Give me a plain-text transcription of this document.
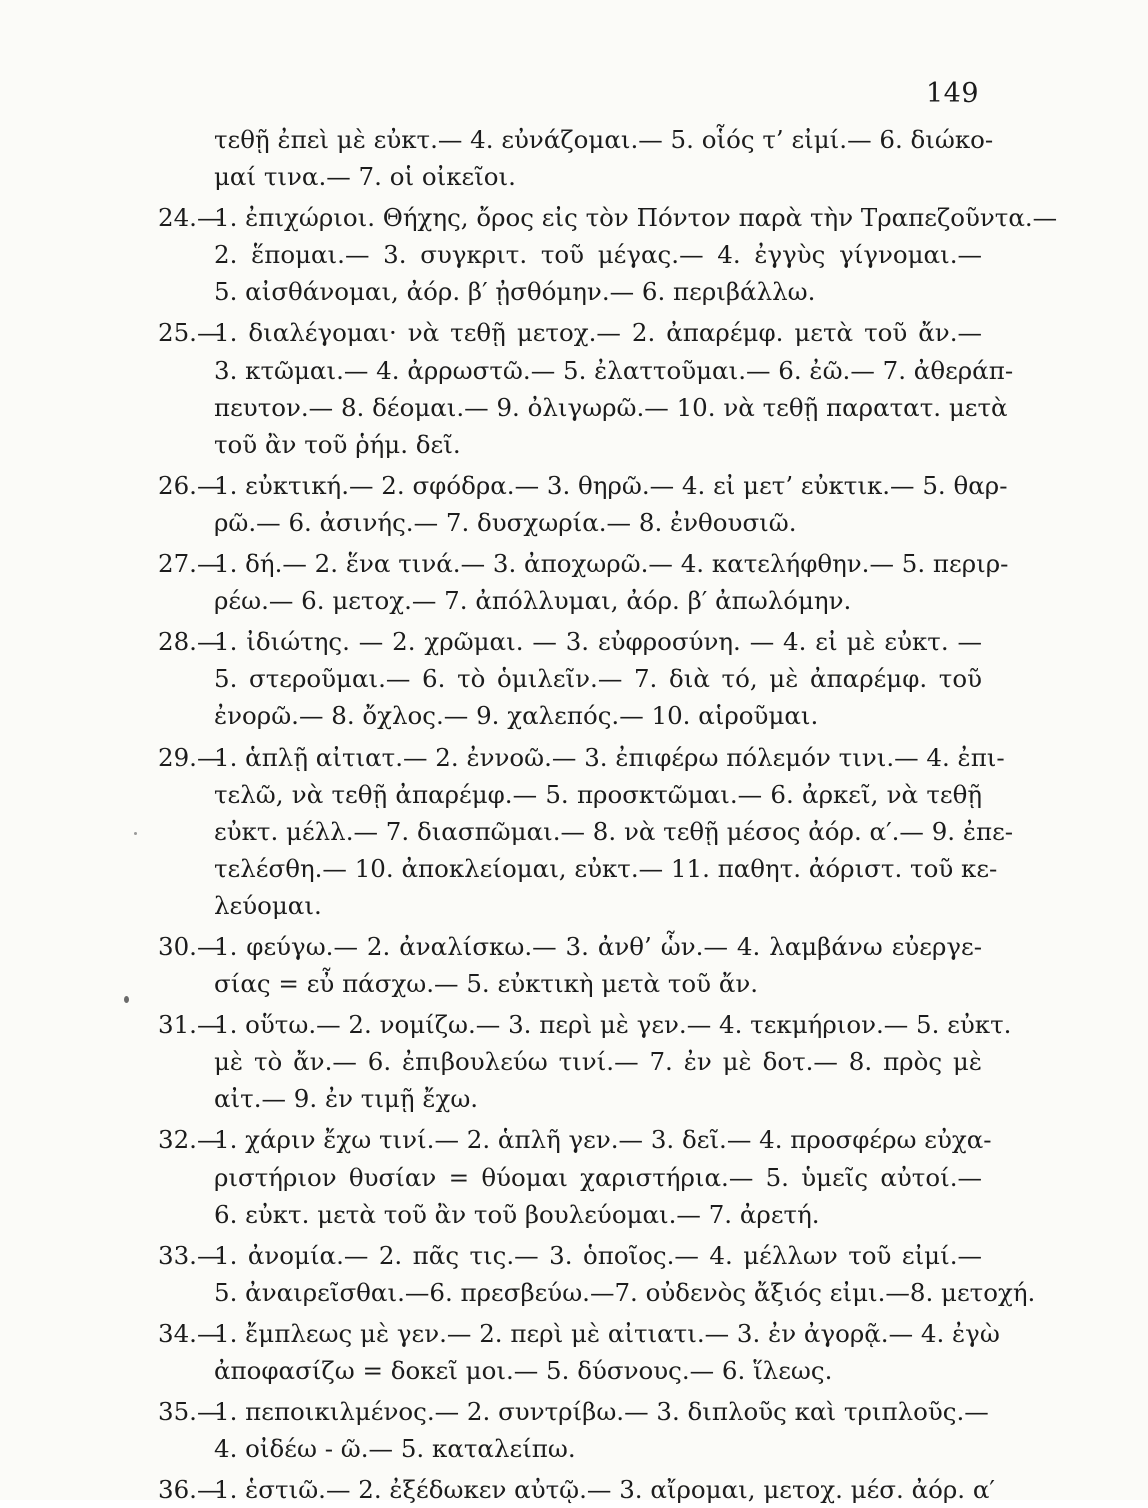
149
τεθῇ ἐπεὶ μὲ εὐκτ.— 4. εὐνάζομαι.— 5. οἷός τ’ εἰμί.— 6. διώκο-
μαί τινα.— 7. οἱ οἰκεῖοι.
24.—1. ἐπιχώριοι. Θήχης, ὄρος εἰς τὸν Πόντον παρὰ τὴν Τραπεζοῦντα.—
2. ἕπομαι.— 3. συγκριτ. τοῦ μέγας.— 4. ἐγγὺς γίγνομαι.—
5. αἰσθάνομαι, ἀόρ. β′ ᾐσθόμην.— 6. περιβάλλω.
25.—1. διαλέγομαι· νὰ τεθῇ μετοχ.— 2. ἀπαρέμφ. μετὰ τοῦ ἄν.—
3. κτῶμαι.— 4. ἀρρωστῶ.— 5. ἐλαττοῦμαι.— 6. ἐῶ.— 7. ἀθεράπ-
πευτον.— 8. δέομαι.— 9. ὀλιγωρῶ.— 10. νὰ τεθῇ παρατατ. μετὰ
τοῦ ἂν τοῦ ῥήμ. δεῖ.
26.—1. εὐκτική.— 2. σφόδρα.— 3. θηρῶ.— 4. εἰ μετ’ εὐκτικ.— 5. θαρ-
ρῶ.— 6. ἀσινής.— 7. δυσχωρία.— 8. ἐνθουσιῶ.
27.—1. δή.— 2. ἕνα τινά.— 3. ἀποχωρῶ.— 4. κατελήφθην.— 5. περιρ-
ρέω.— 6. μετοχ.— 7. ἀπόλλυμαι, ἀόρ. β′ ἀπωλόμην.
28.—1. ἰδιώτης. — 2. χρῶμαι. — 3. εὐφροσύνη. — 4. εἰ μὲ εὐκτ. —
5. στεροῦμαι.— 6. τὸ ὁμιλεῖν.— 7. διὰ τό, μὲ ἀπαρέμφ. τοῦ
ἐνορῶ.— 8. ὄχλος.— 9. χαλεπός.— 10. αἱροῦμαι.
29.—1. ἁπλῇ αἰτιατ.— 2. ἐννοῶ.— 3. ἐπιφέρω πόλεμόν τινι.— 4. ἐπι-
τελῶ, νὰ τεθῇ ἀπαρέμφ.— 5. προσκτῶμαι.— 6. ἀρκεῖ, νὰ τεθῇ
εὐκτ. μέλλ.— 7. διασπῶμαι.— 8. νὰ τεθῇ μέσος ἀόρ. α′.— 9. ἐπε-
τελέσθη.— 10. ἀποκλείομαι, εὐκτ.— 11. παθητ. ἀόριστ. τοῦ κε-
λεύομαι.
30.—1. φεύγω.— 2. ἀναλίσκω.— 3. ἀνθ’ ὧν.— 4. λαμβάνω εὐεργε-
σίας = εὖ πάσχω.— 5. εὐκτικὴ μετὰ τοῦ ἄν.
31.—1. οὕτω.— 2. νομίζω.— 3. περὶ μὲ γεν.— 4. τεκμήριον.— 5. εὐκτ.
μὲ τὸ ἄν.— 6. ἐπιβουλεύω τινί.— 7. ἐν μὲ δοτ.— 8. πρὸς μὲ
αἰτ.— 9. ἐν τιμῇ ἔχω.
32.—1. χάριν ἔχω τινί.— 2. ἁπλῆ γεν.— 3. δεῖ.— 4. προσφέρω εὐχα-
ριστήριον θυσίαν = θύομαι χαριστήρια.— 5. ὑμεῖς αὐτοί.—
6. εὐκτ. μετὰ τοῦ ἂν τοῦ βουλεύομαι.— 7. ἀρετή.
33.—1. ἀνομία.— 2. πᾶς τις.— 3. ὁποῖος.— 4. μέλλων τοῦ εἰμί.—
5. ἀναιρεῖσθαι.—6. πρεσβεύω.—7. οὐδενὸς ἄξιός εἰμι.—8. μετοχή.
34.—1. ἔμπλεως μὲ γεν.— 2. περὶ μὲ αἰτιατι.— 3. ἐν ἀγορᾷ.— 4. ἐγὼ
ἀποφασίζω = δοκεῖ μοι.— 5. δύσνους.— 6. ἵλεως.
35.—1. πεποικιλμένος.— 2. συντρίβω.— 3. διπλοῦς καὶ τριπλοῦς.—
4. οἰδέω - ῶ.— 5. καταλείπω.
36.—1. ἑστιῶ.— 2. ἐξέδωκεν αὐτῷ.— 3. αἴρομαι, μετοχ. μέσ. ἀόρ. α′
